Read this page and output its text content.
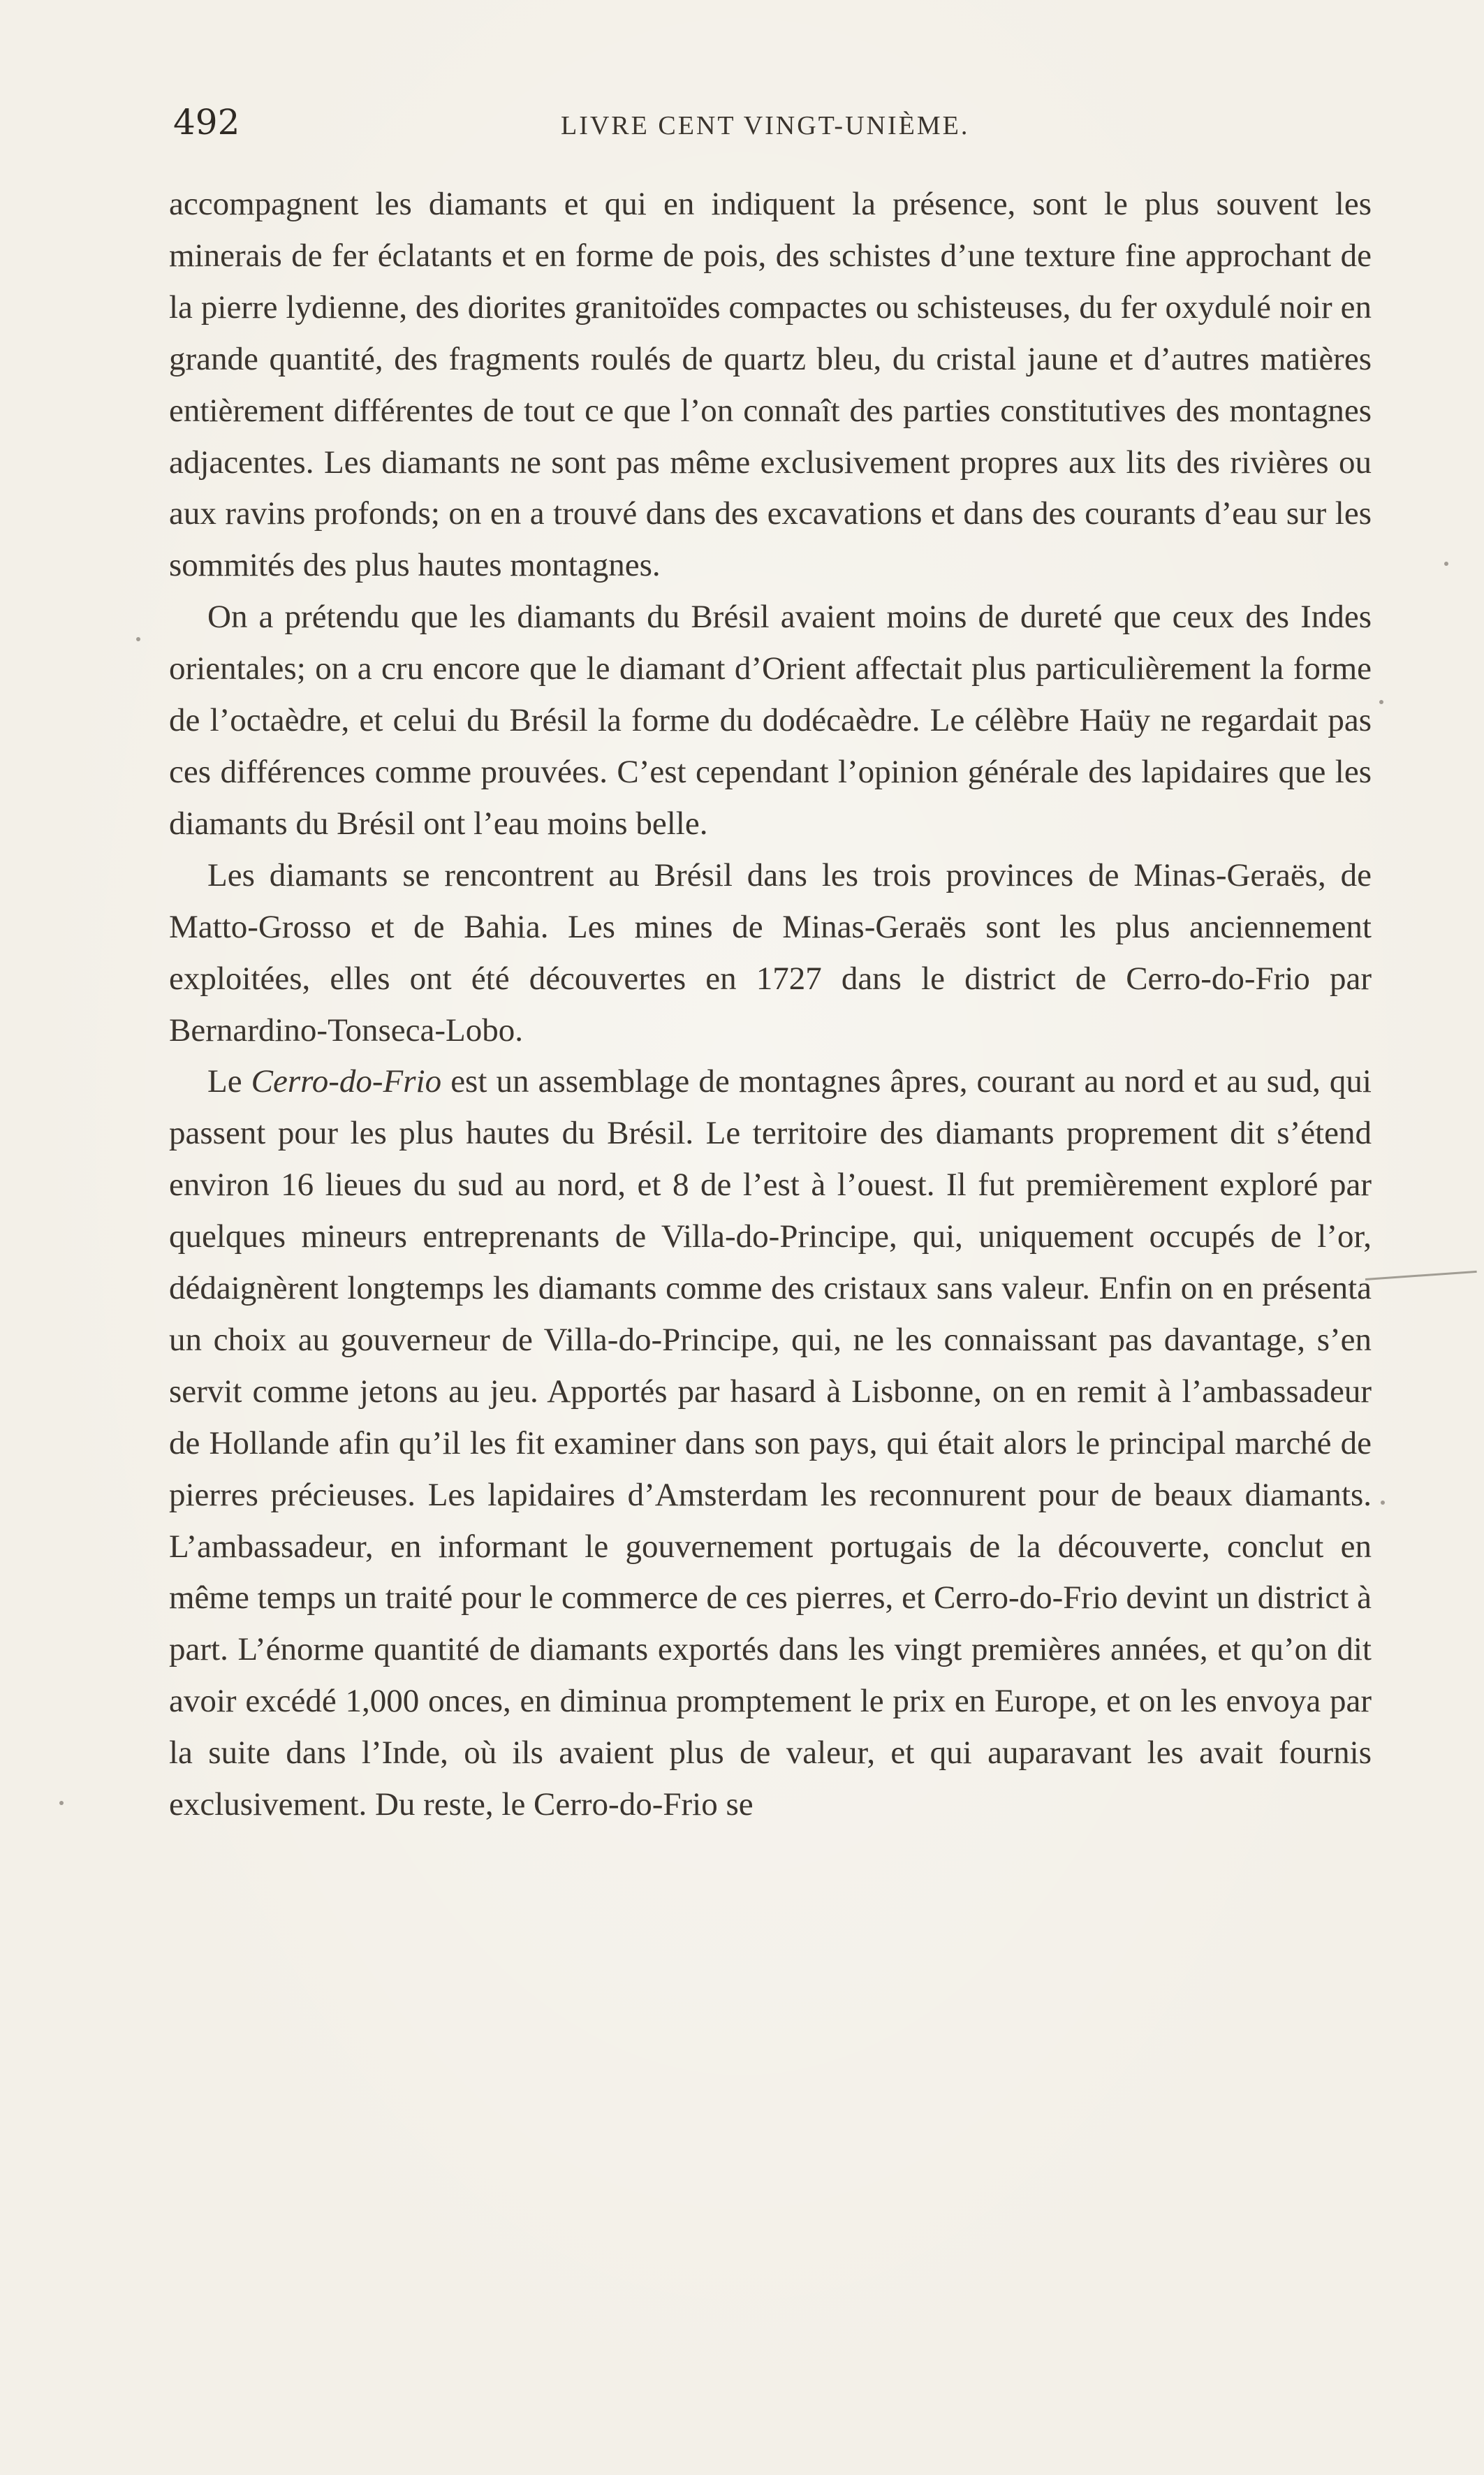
492	LIVRE CENT VINGT-UNIÈME.

accompagnent les diamants et qui en indiquent la présence, sont le plus souvent les minerais de fer éclatants et en forme de pois, des schistes d’une texture fine approchant de la pierre lydienne, des diorites granitoïdes compactes ou schisteuses, du fer oxydulé noir en grande quantité, des fragments roulés de quartz bleu, du cristal jaune et d’autres matières entièrement différentes de tout ce que l’on connaît des parties constitutives des montagnes adjacentes. Les diamants ne sont pas même exclusivement propres aux lits des rivières ou aux ravins profonds; on en a trouvé dans des excavations et dans des courants d’eau sur les sommités des plus hautes montagnes.

On a prétendu que les diamants du Brésil avaient moins de dureté que ceux des Indes orientales; on a cru encore que le diamant d’Orient affectait plus particulièrement la forme de l’octaèdre, et celui du Brésil la forme du dodécaèdre. Le célèbre Haüy ne regardait pas ces différences comme prouvées. C’est cependant l’opinion générale des lapidaires que les diamants du Brésil ont l’eau moins belle.

Les diamants se rencontrent au Brésil dans les trois provinces de Minas-Geraës, de Matto-Grosso et de Bahia. Les mines de Minas-Geraës sont les plus anciennement exploitées, elles ont été découvertes en 1727 dans le district de Cerro-do-Frio par Bernardino-Tonseca-Lobo.

Le Cerro-do-Frio est un assemblage de montagnes âpres, courant au nord et au sud, qui passent pour les plus hautes du Brésil. Le territoire des diamants proprement dit s’étend environ 16 lieues du sud au nord, et 8 de l’est à l’ouest. Il fut premièrement exploré par quelques mineurs entreprenants de Villa-do-Principe, qui, uniquement occupés de l’or, dédaignèrent longtemps les diamants comme des cristaux sans valeur. Enfin on en présenta un choix au gouverneur de Villa-do-Principe, qui, ne les connaissant pas davantage, s’en servit comme jetons au jeu. Apportés par hasard à Lisbonne, on en remit à l’ambassadeur de Hollande afin qu’il les fit examiner dans son pays, qui était alors le principal marché de pierres précieuses. Les lapidaires d’Amsterdam les reconnurent pour de beaux diamants. L’ambassadeur, en informant le gouvernement portugais de la découverte, conclut en même temps un traité pour le commerce de ces pierres, et Cerro-do-Frio devint un district à part. L’énorme quantité de diamants exportés dans les vingt premières années, et qu’on dit avoir excédé 1,000 onces, en diminua promptement le prix en Europe, et on les envoya par la suite dans l’Inde, où ils avaient plus de valeur, et qui auparavant les avait fournis exclusivement. Du reste, le Cerro-do-Frio se
